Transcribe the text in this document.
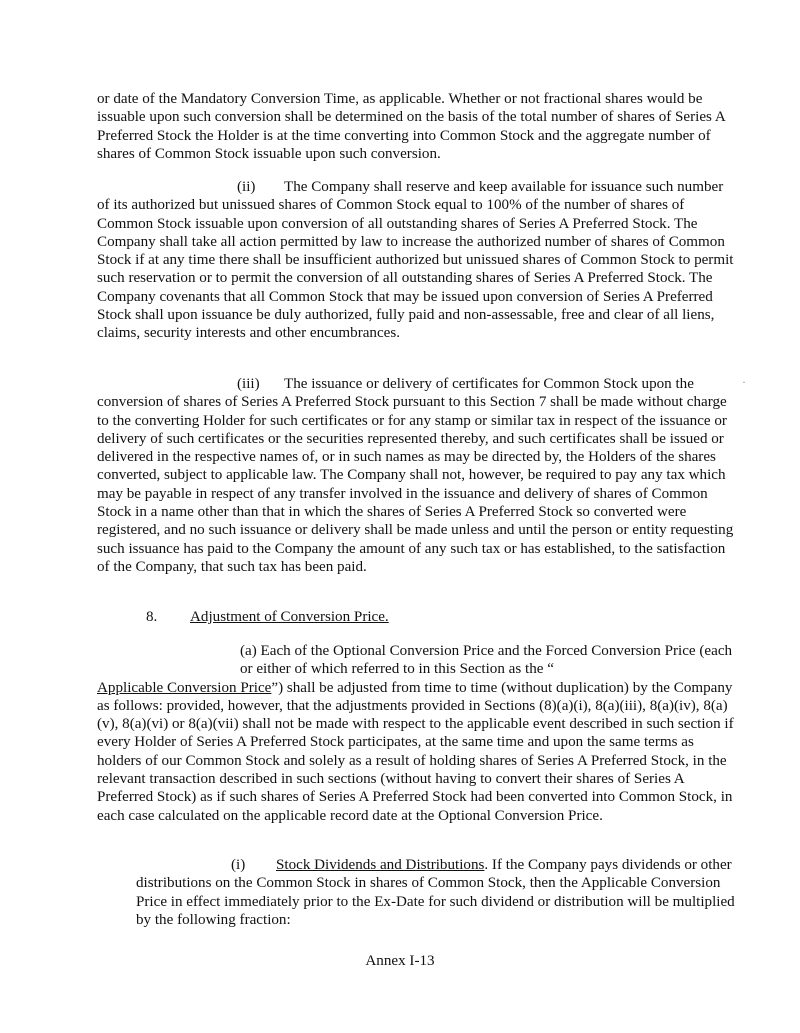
or date of the Mandatory Conversion Time, as applicable. Whether or not fractional shares would be issuable upon such conversion shall be determined on the basis of the total number of shares of Series A Preferred Stock the Holder is at the time converting into Common Stock and the aggregate number of shares of Common Stock issuable upon such conversion.

(ii) The Company shall reserve and keep available for issuance such number of its authorized but unissued shares of Common Stock equal to 100% of the number of shares of Common Stock issuable upon conversion of all outstanding shares of Series A Preferred Stock. The Company shall take all action permitted by law to increase the authorized number of shares of Common Stock if at any time there shall be insufficient authorized but unissued shares of Common Stock to permit such reservation or to permit the conversion of all outstanding shares of Series A Preferred Stock. The Company covenants that all Common Stock that may be issued upon conversion of Series A Preferred Stock shall upon issuance be duly authorized, fully paid and non-assessable, free and clear of all liens, claims, security interests and other encumbrances.

(iii) The issuance or delivery of certificates for Common Stock upon the conversion of shares of Series A Preferred Stock pursuant to this Section 7 shall be made without charge to the converting Holder for such certificates or for any stamp or similar tax in respect of the issuance or delivery of such certificates or the securities represented thereby, and such certificates shall be issued or delivered in the respective names of, or in such names as may be directed by, the Holders of the shares converted, subject to applicable law. The Company shall not, however, be required to pay any tax which may be payable in respect of any transfer involved in the issuance and delivery of shares of Common Stock in a name other than that in which the shares of Series A Preferred Stock so converted were registered, and no such issuance or delivery shall be made unless and until the person or entity requesting such issuance has paid to the Company the amount of any such tax or has established, to the satisfaction of the Company, that such tax has been paid.

8. Adjustment of Conversion Price.

(a) Each of the Optional Conversion Price and the Forced Conversion Price (each or either of which referred to in this Section as the “Applicable Conversion Price”) shall be adjusted from time to time (without duplication) by the Company as follows: provided, however, that the adjustments provided in Sections (8)(a)(i), 8(a)(iii), 8(a)(iv), 8(a)(v), 8(a)(vi) or 8(a)(vii) shall not be made with respect to the applicable event described in such section if every Holder of Series A Preferred Stock participates, at the same time and upon the same terms as holders of our Common Stock and solely as a result of holding shares of Series A Preferred Stock, in the relevant transaction described in such sections (without having to convert their shares of Series A Preferred Stock) as if such shares of Series A Preferred Stock had been converted into Common Stock, in each case calculated on the applicable record date at the Optional Conversion Price.

(i) Stock Dividends and Distributions. If the Company pays dividends or other distributions on the Common Stock in shares of Common Stock, then the Applicable Conversion Price in effect immediately prior to the Ex-Date for such dividend or distribution will be multiplied by the following fraction:

Annex I-13

·
